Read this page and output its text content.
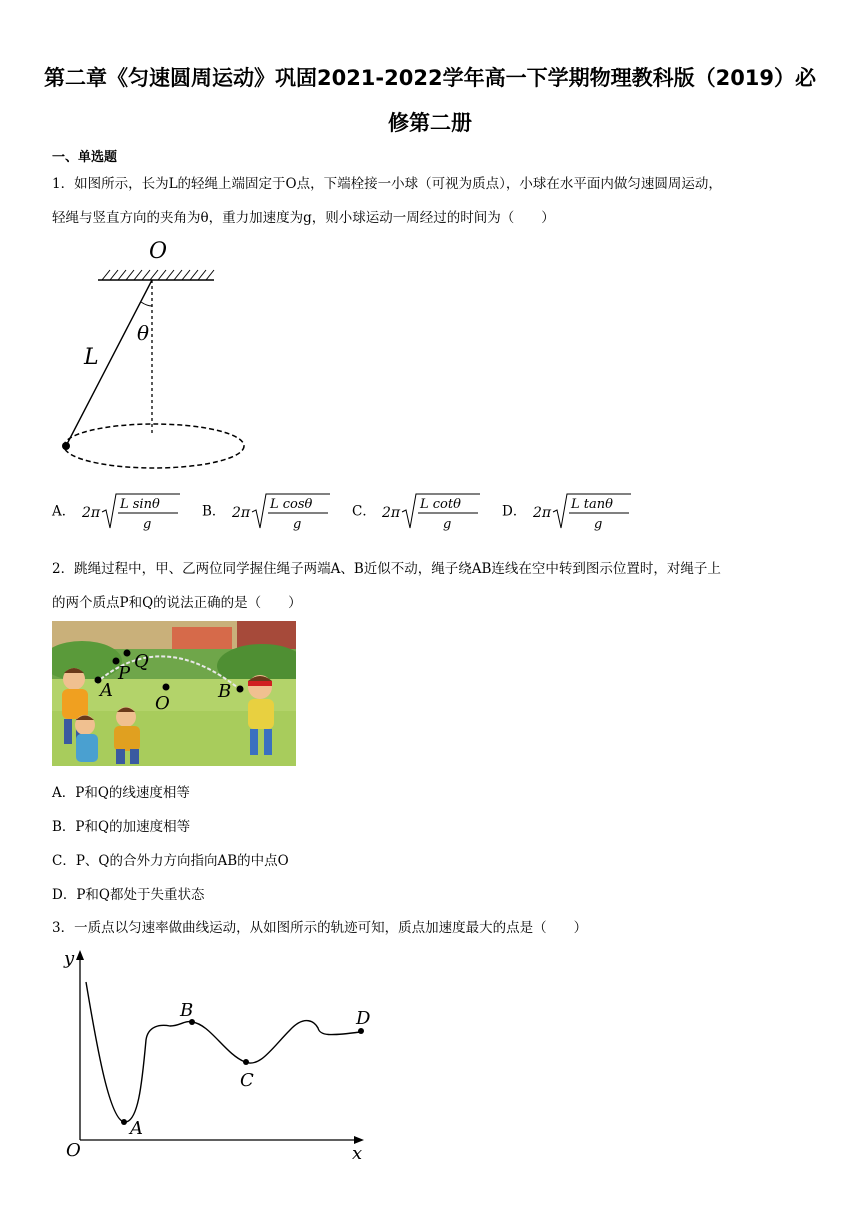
第二章《匀速圆周运动》巩固2021-2022学年高一下学期物理教科版（2019）必
修第二册
一、单选题
1．如图所示，长为L的轻绳上端固定于O点，下端栓接一小球（可视为质点），小球在水平面内做匀速圆周运动，
轻绳与竖直方向的夹角为θ，重力加速度为g，则小球运动一周经过的时间为（　　）
O
θ
L
A． 2π
L sinθ
g
B． 2π
L cosθ
g
C． 2π
L cotθ
g
D． 2π
L tanθ
g
2．跳绳过程中，甲、乙两位同学握住绳子两端A、B近似不动，绳子绕AB连线在空中转到图示位置时，对绳子上
的两个质点P和Q的说法正确的是（　　）
Q
P
A
O
B
A．P和Q的线速度相等
B．P和Q的加速度相等
C．P、Q的合外力方向指向AB的中点O
D．P和Q都处于失重状态
3．一质点以匀速率做曲线运动，从如图所示的轨迹可知，质点加速度最大的点是（　　）
y
x
O
A
B
C
D
